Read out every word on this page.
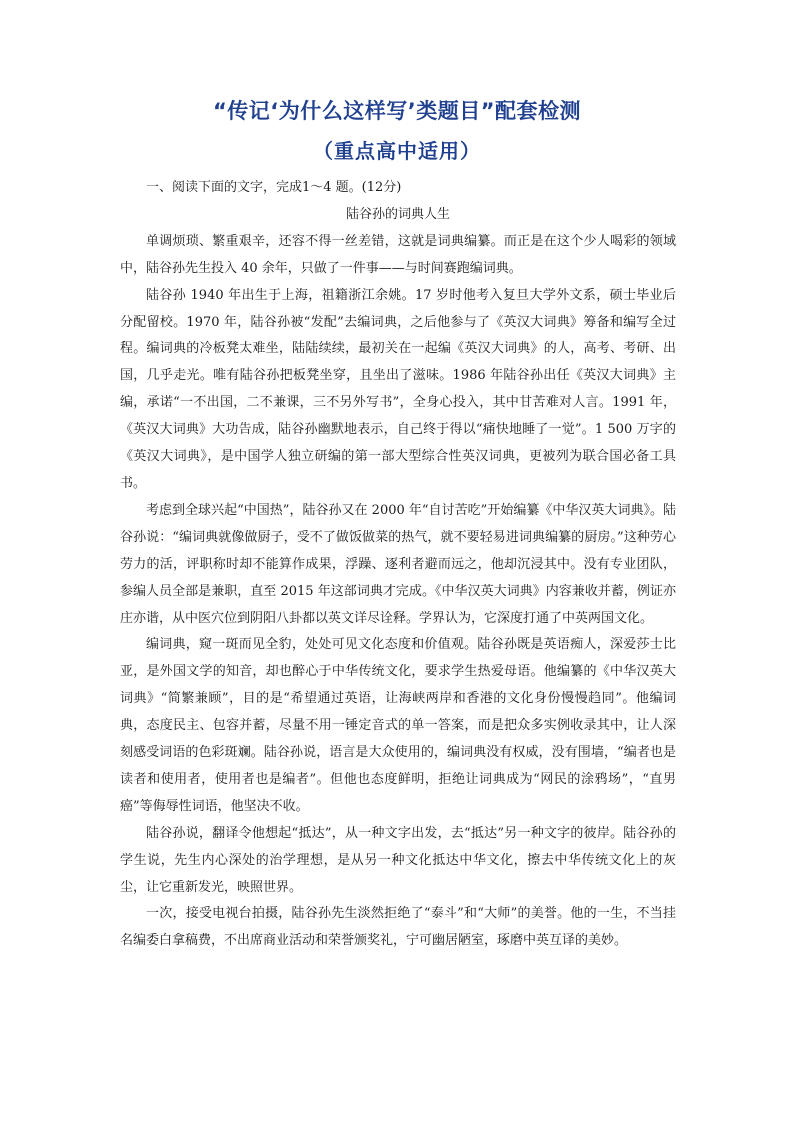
“传记‘为什么这样写’类题目”配套检测
（重点高中适用）

一、阅读下面的文字，完成1～4 题。(12分)

陆谷孙的词典人生

单调烦琐、繁重艰辛，还容不得一丝差错，这就是词典编纂。而正是在这个少人喝彩的领域中，陆谷孙先生投入 40 余年，只做了一件事——与时间赛跑编词典。

陆谷孙 1940 年出生于上海，祖籍浙江余姚。17 岁时他考入复旦大学外文系，硕士毕业后分配留校。1970 年，陆谷孙被“发配”去编词典，之后他参与了《英汉大词典》筹备和编写全过程。编词典的冷板凳太难坐，陆陆续续，最初关在一起编《英汉大词典》的人，高考、考研、出国，几乎走光。唯有陆谷孙把板凳坐穿，且坐出了滋味。1986 年陆谷孙出任《英汉大词典》主编，承诺“一不出国，二不兼课，三不另外写书”，全身心投入，其中甘苦难对人言。1991 年，《英汉大词典》大功告成，陆谷孙幽默地表示，自己终于得以“痛快地睡了一觉”。1 500 万字的《英汉大词典》，是中国学人独立研编的第一部大型综合性英汉词典，更被列为联合国必备工具书。

考虑到全球兴起“中国热”，陆谷孙又在 2000 年“自讨苦吃”开始编纂《中华汉英大词典》。陆谷孙说：“编词典就像做厨子，受不了做饭做菜的热气，就不要轻易进词典编纂的厨房。”这种劳心劳力的活，评职称时却不能算作成果，浮躁、逐利者避而远之，他却沉浸其中。没有专业团队，参编人员全部是兼职，直至 2015 年这部词典才完成。《中华汉英大词典》内容兼收并蓄，例证亦庄亦谐，从中医穴位到阴阳八卦都以英文详尽诠释。学界认为，它深度打通了中英两国文化。

编词典，窥一斑而见全豹，处处可见文化态度和价值观。陆谷孙既是英语痴人，深爱莎士比亚，是外国文学的知音，却也醉心于中华传统文化，要求学生热爱母语。他编纂的《中华汉英大词典》“简繁兼顾”，目的是“希望通过英语，让海峡两岸和香港的文化身份慢慢趋同”。他编词典，态度民主、包容并蓄，尽量不用一锤定音式的单一答案，而是把众多实例收录其中，让人深刻感受词语的色彩斑斓。陆谷孙说，语言是大众使用的，编词典没有权威，没有围墙，“编者也是读者和使用者，使用者也是编者”。但他也态度鲜明，拒绝让词典成为“网民的涂鸦场”，“直男癌”等侮辱性词语，他坚决不收。

陆谷孙说，翻译令他想起“抵达”，从一种文字出发，去“抵达”另一种文字的彼岸。陆谷孙的学生说，先生内心深处的治学理想，是从另一种文化抵达中华文化，擦去中华传统文化上的灰尘，让它重新发光，映照世界。

一次，接受电视台拍摄，陆谷孙先生淡然拒绝了“泰斗”和“大师”的美誉。他的一生，不当挂名编委白拿稿费，不出席商业活动和荣誉颁奖礼，宁可幽居陋室，琢磨中英互译的美妙。
